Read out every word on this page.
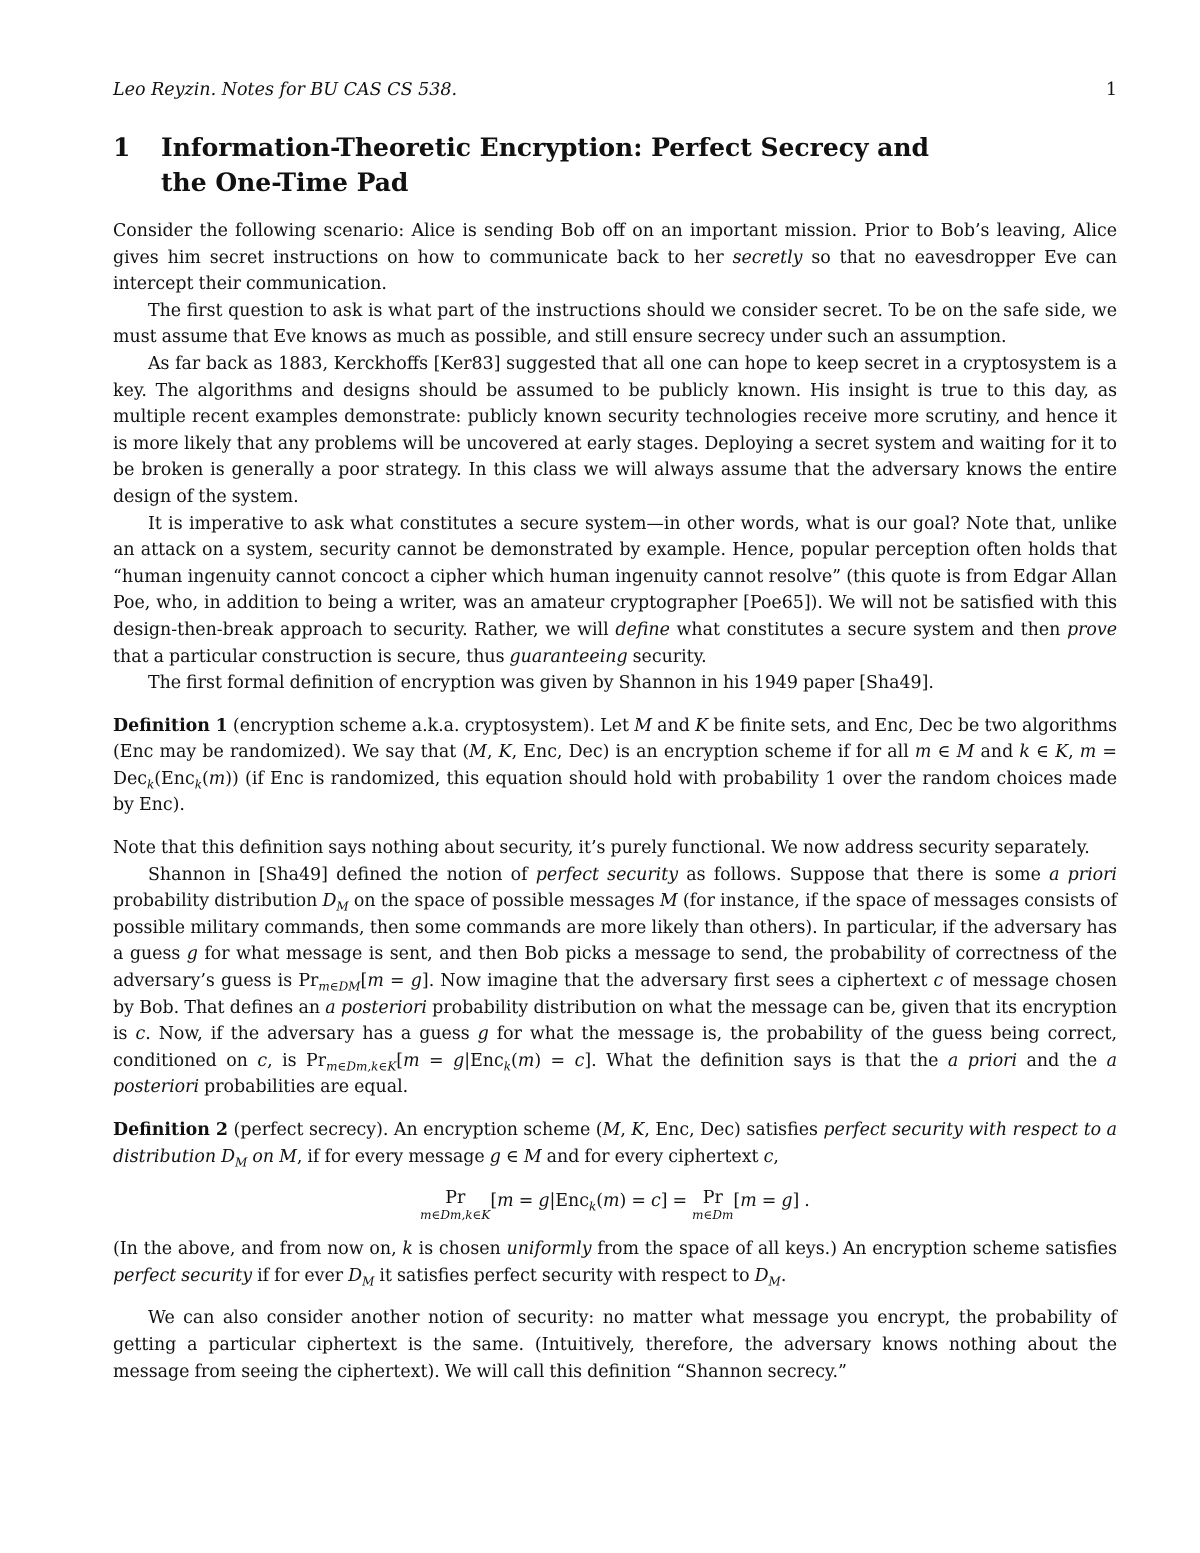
Leo Reyzin. Notes for BU CAS CS 538.	1
1 Information-Theoretic Encryption: Perfect Secrecy and
the One-Time Pad

Consider the following scenario: Alice is sending Bob off on an important mission. Prior to Bob’s leaving, Alice gives him secret instructions on how to communicate back to her secretly so that no eavesdropper Eve can intercept their communication.

The first question to ask is what part of the instructions should we consider secret. To be on the safe side, we must assume that Eve knows as much as possible, and still ensure secrecy under such an assumption.

As far back as 1883, Kerckhoffs [Ker83] suggested that all one can hope to keep secret in a cryptosystem is a key. The algorithms and designs should be assumed to be publicly known. His insight is true to this day, as multiple recent examples demonstrate: publicly known security technologies receive more scrutiny, and hence it is more likely that any problems will be uncovered at early stages. Deploying a secret system and waiting for it to be broken is generally a poor strategy. In this class we will always assume that the adversary knows the entire design of the system.

It is imperative to ask what constitutes a secure system—in other words, what is our goal? Note that, unlike an attack on a system, security cannot be demonstrated by example. Hence, popular perception often holds that “human ingenuity cannot concoct a cipher which human ingenuity cannot resolve” (this quote is from Edgar Allan Poe, who, in addition to being a writer, was an amateur cryptographer [Poe65]). We will not be satisfied with this design-then-break approach to security. Rather, we will define what constitutes a secure system and then prove that a particular construction is secure, thus guaranteeing security.

The first formal definition of encryption was given by Shannon in his 1949 paper [Sha49].

Definition 1 (encryption scheme a.k.a. cryptosystem). Let M and K be finite sets, and Enc, Dec be two algorithms (Enc may be randomized). We say that (M, K, Enc, Dec) is an encryption scheme if for all m ∈ M and k ∈ K, m = Dec$_k$(Enc$_k$(m)) (if Enc is randomized, this equation should hold with probability 1 over the random choices made by Enc).

Note that this definition says nothing about security, it’s purely functional. We now address security separately.

Shannon in [Sha49] defined the notion of perfect security as follows. Suppose that there is some a priori probability distribution $D_M$ on the space of possible messages M (for instance, if the space of messages consists of possible military commands, then some commands are more likely than others). In particular, if the adversary has a guess g for what message is sent, and then Bob picks a message to send, the probability of correctness of the adversary’s guess is $Pr_{m\in DM}[m = g]$. Now imagine that the adversary first sees a ciphertext c of message chosen by Bob. That defines an a posteriori probability distribution on what the message can be, given that its encryption is c. Now, if the adversary has a guess g for what the message is, the probability of the guess being correct, conditioned on c, is $Pr_{m\in Dm,k\in K}[m = g|Enc_k(m) = c]$. What the definition says is that the a priori and the a posteriori probabilities are equal.

Definition 2 (perfect secrecy). An encryption scheme (M, K, Enc, Dec) satisfies perfect security with respect to a distribution $D_M$ on M, if for every message g ∈ M and for every ciphertext c,

Pr
m∈Dm,k∈K
[m = g|Enc$_k$(m) = c] = Pr
m∈Dm
[m = g] .

(In the above, and from now on, k is chosen uniformly from the space of all keys.) An encryption scheme satisfies perfect security if for ever $D_M$ it satisfies perfect security with respect to $D_M$.

We can also consider another notion of security: no matter what message you encrypt, the probability of getting a particular ciphertext is the same. (Intuitively, therefore, the adversary knows nothing about the message from seeing the ciphertext). We will call this definition “Shannon secrecy.”
